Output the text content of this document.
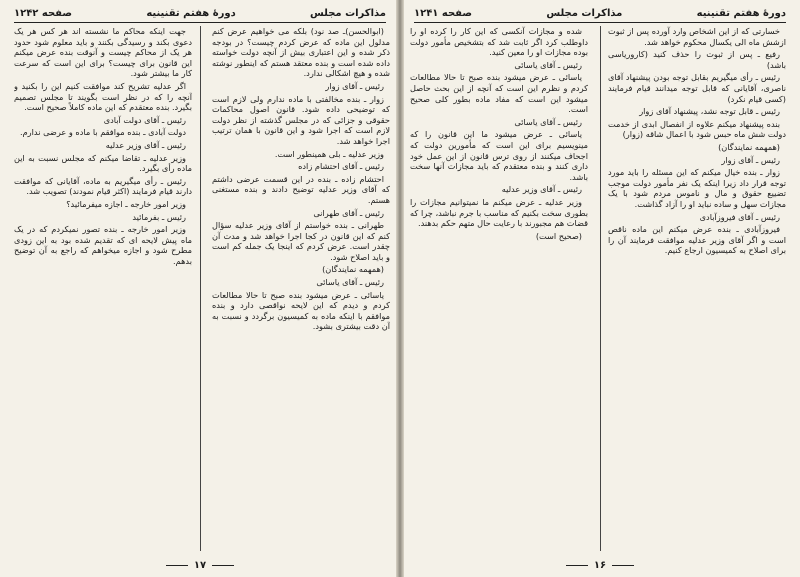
مذاکرات مجلس
دورهٔ هفتم تقنینیه
صفحه ۱۲۴۲

(ابوالحسن)ـ صد نود) بلکه می خواهیم عرض کنم مدلول این ماده که عرض کردم چیست؟ در بودجه ذکر شده و این اعتباری بیش از آنچه دولت خواسته داده شده است و بنده معتقد هستم که اینطور نوشته شده و هیچ اشکالی ندارد.

رئیس ـ آقای زوار

زوار ـ بنده مخالفتی با ماده ندارم ولی لازم است که توضیحی داده شود. قانون اصول محاکمات حقوقی و جزائی که در مجلس گذشته از نظر دولت لازم است که اجرا شود و این قانون با همان ترتیب اجرا خواهد شد.

وزیر عدلیه ـ بلی همینطور است.

رئیس ـ آقای احتشام زاده

احتشام زاده ـ بنده در این قسمت عرضی داشتم که آقای وزیر عدلیه توضیح دادند و بنده مستغنی هستم.

رئیس ـ آقای طهرانی

طهرانی ـ بنده خواستم از آقای وزیر عدلیه سؤال کنم که این قانون در کجا اجرا خواهد شد و مدت آن چقدر است. عرض کردم که اینجا یک جمله کم است و باید اصلاح شود.

(همهمه نمایندگان)

رئیس ـ آقای یاسائی

یاسائی ـ عرض میشود بنده صبح تا حالا مطالعات کردم و دیدم که این لایحه نواقصی دارد و بنده موافقم با اینکه ماده به کمیسیون برگردد و نسبت به آن دقت بیشتری بشود.

جهت اینکه محاکم ما نشسته اند هر کس هر یک دعوی بکند و رسیدگی بکنند و باید معلوم شود حدود هر یک از محاکم چیست و آنوقت بنده عرض میکنم این قانون برای چیست؟ برای این است که سرعت کار ما بیشتر شود.

اگر عدلیه تشریح کند موافقت کنیم این را بکنید و آنچه را که در نظر است بگویند تا مجلس تصمیم بگیرد. بنده معتقدم که این ماده کاملاً صحیح است.

رئیس ـ آقای دولت آبادی

دولت آبادی ـ بنده موافقم با ماده و عرضی ندارم.

رئیس ـ آقای وزیر عدلیه

وزیر عدلیه ـ تقاضا میکنم که مجلس نسبت به این ماده رأی بگیرد.

رئیس ـ رأی میگیریم به ماده، آقایانی که موافقت دارند قیام فرمایند (اکثر قیام نمودند) تصویب شد.

وزیر امور خارجه ـ اجازه میفرمائید؟

رئیس ـ بفرمائید

وزیر امور خارجه ـ بنده تصور نمیکردم که در یک ماه پیش لایحه ای که تقدیم شده بود به این زودی مطرح شود و اجازه میخواهم که راجع به آن توضیح بدهم.

۱۷
دورهٔ هفتم تقنینیه
مذاکرات مجلس
صفحه ۱۲۴۱

خسارتی که از این اشخاص وارد آورده پس از ثبوت ازشش ماه الی یکسال محکوم خواهد شد.

رفیع ـ پس از ثبوت را حذف کنید (کاروریاسی باشد)

رئیس ـ رأی میگیریم بقابل توجه بودن پیشنهاد آقای ناصری، آقایانی که قابل توجه میدانند قیام فرمایند (کسی قیام نکرد)

رئیس ـ قابل توجه نشد، پیشنهاد آقای زوار

بنده پیشنهاد میکنم علاوه از انفصال ابدی از خدمت دولت شش ماه حبس شود با اعمال شاقه (زوار)

(همهمه نمایندگان)

رئیس ـ آقای زوار

زوار ـ بنده خیال میکنم که این مسئله را باید مورد توجه قرار داد زیرا اینکه یک نفر مأمور دولت موجب تضییع حقوق و مال و ناموس مردم شود با یک مجازات سهل و ساده نباید او را آزاد گذاشت.

رئیس ـ آقای فیروزآبادی

فیروزآبادی ـ بنده عرض میکنم این ماده ناقص است و اگر آقای وزیر عدلیه موافقت فرمایند آن را برای اصلاح به کمیسیون ارجاع کنیم.

شده و مجازات آنکسی که این کار را کرده او را داوطلب کرد اگر ثابت شد که بتشخیص مأمور دولت بوده مجازات او را معین کنید.

رئیس ـ آقای یاسائی

یاسائی ـ عرض میشود بنده صبح تا حالا مطالعات کردم و نظرم این است که آنچه از این بحث حاصل میشود این است که مفاد ماده بطور کلی صحیح است.

رئیس ـ آقای یاسائی

یاسائی ـ عرض میشود ما این قانون را که مینویسیم برای این است که مأمورین دولت که اجحاف میکنند از روی ترس قانون از این عمل خود داری کنند و بنده معتقدم که باید مجازات آنها سخت باشد.

رئیس ـ آقای وزیر عدلیه

وزیر عدلیه ـ عرض میکنم ما نمیتوانیم مجازات را بطوری سخت بکنیم که مناسب با جرم نباشد، چرا که قضات هم مجبورند با رعایت حال متهم حکم بدهند.

(صحیح است)

۱۶
